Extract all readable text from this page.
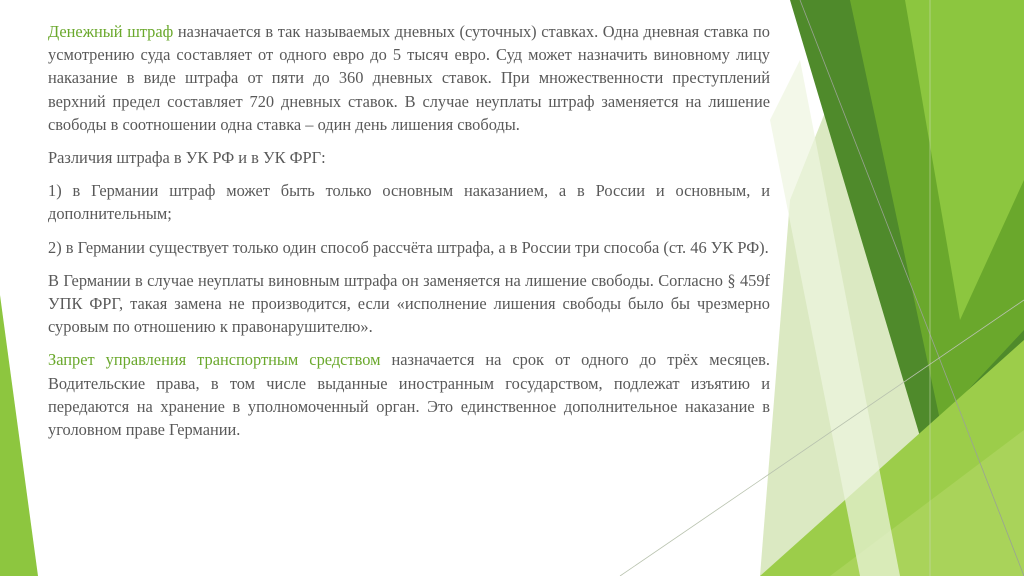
Денежный штраф назначается в так называемых дневных (суточных) ставках. Одна дневная ставка по усмотрению суда составляет от одного евро до 5 тысяч евро. Суд может назначить виновному лицу наказание в виде штрафа от пяти до 360 дневных ставок. При множественности преступлений верхний предел составляет 720 дневных ставок. В случае неуплаты штраф заменяется на лишение свободы в соотношении одна ставка – один день лишения свободы.

Различия штрафа в УК РФ и в УК ФРГ:

1) в Германии штраф может быть только основным наказанием, а в России и основным, и дополнительным;

2) в Германии существует только один способ рассчёта штрафа, а в России три способа (ст. 46 УК РФ).

В Германии в случае неуплаты виновным штрафа он заменяется на лишение свободы. Согласно § 459f УПК ФРГ, такая замена не производится, если «исполнение лишения свободы было бы чрезмерно суровым по отношению к правонарушителю».

Запрет управления транспортным средством назначается на срок от одного до трёх месяцев. Водительские права, в том числе выданные иностранным государством, подлежат изъятию и передаются на хранение в уполномоченный орган. Это единственное дополнительное наказание в уголовном праве Германии.
